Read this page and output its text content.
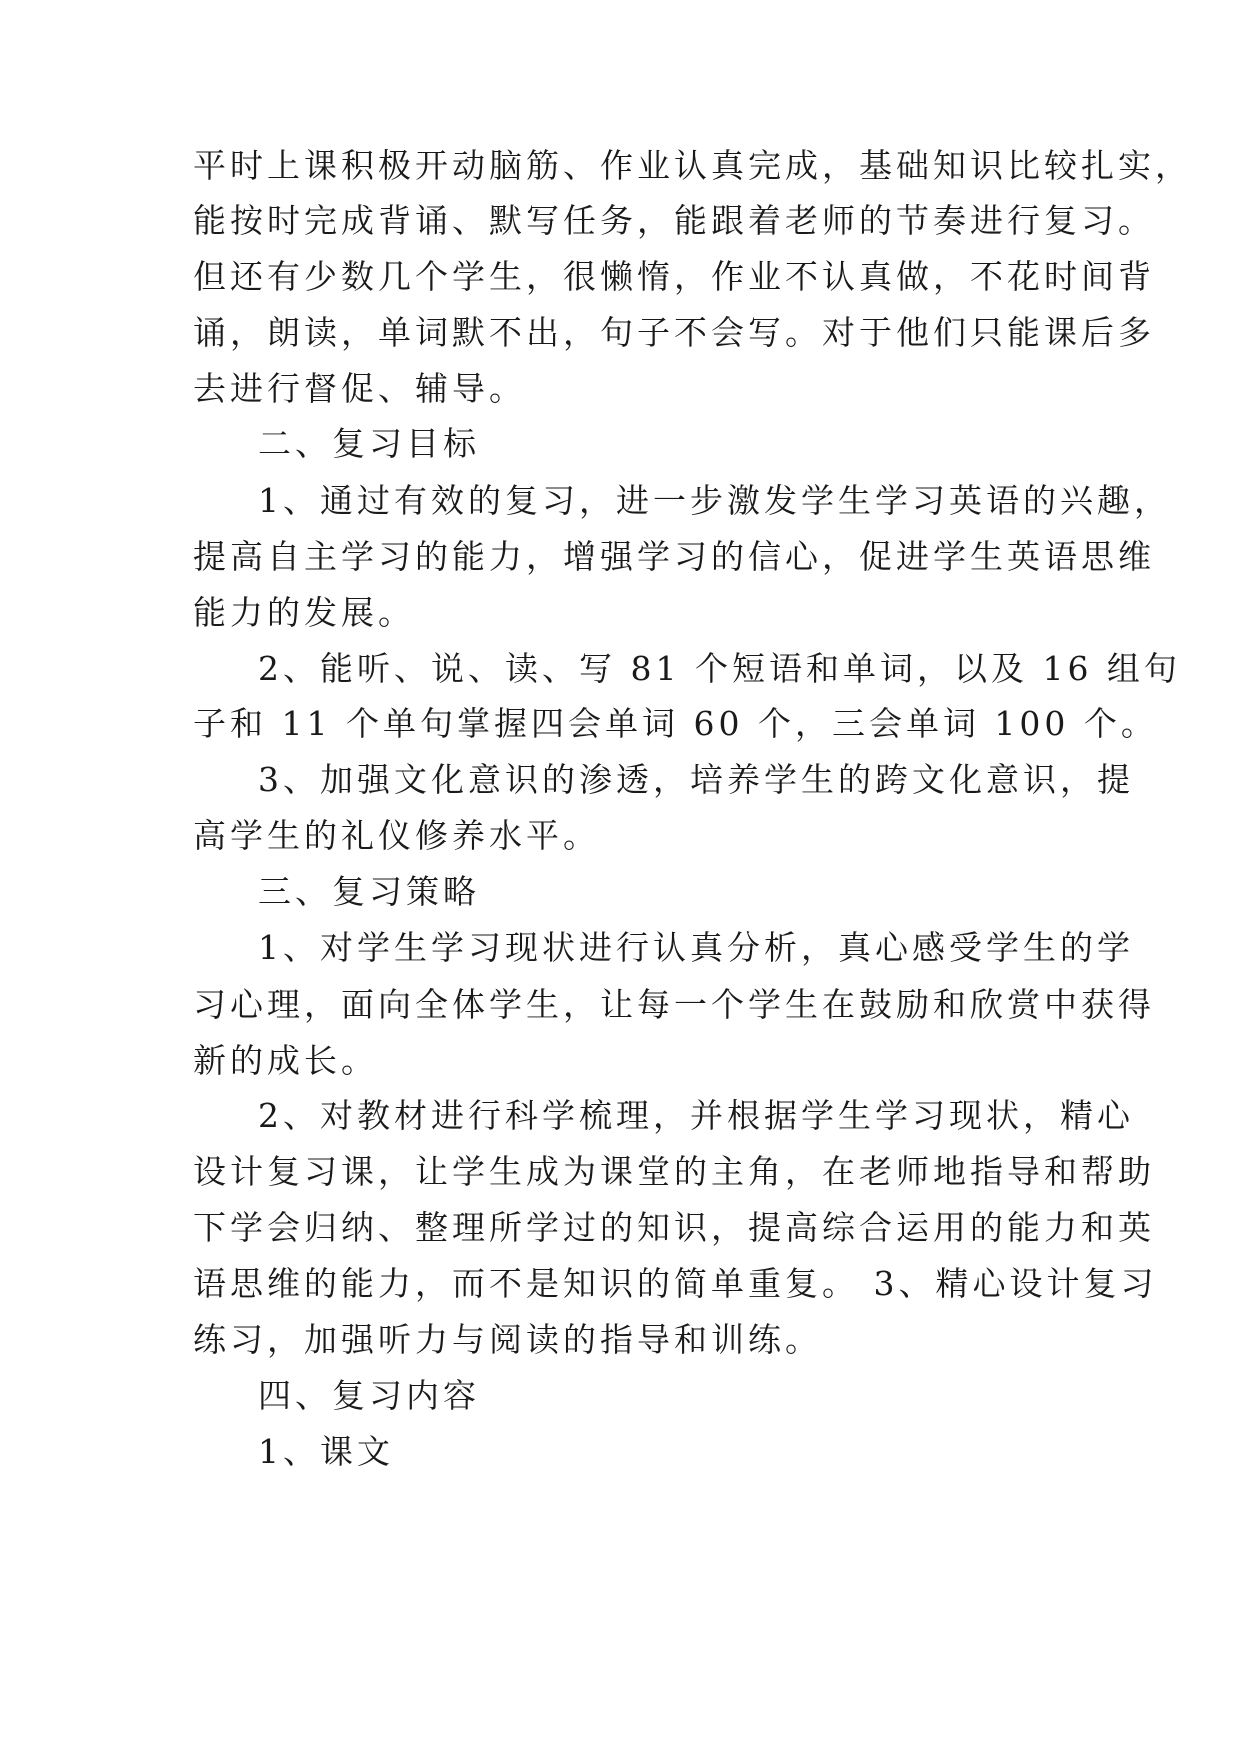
平时上课积极开动脑筋、作业认真完成，基础知识比较扎实，
能按时完成背诵、默写任务，能跟着老师的节奏进行复习。
但还有少数几个学生，很懒惰，作业不认真做，不花时间背
诵，朗读，单词默不出，句子不会写。对于他们只能课后多
去进行督促、辅导。
二、复习目标
1、通过有效的复习，进一步激发学生学习英语的兴趣，
提高自主学习的能力，增强学习的信心，促进学生英语思维
能力的发展。
2、能听、说、读、写 81 个短语和单词，以及 16 组句
子和 11 个单句掌握四会单词 60 个，三会单词 100 个。
3、加强文化意识的渗透，培养学生的跨文化意识，提
高学生的礼仪修养水平。
三、复习策略
1、对学生学习现状进行认真分析，真心感受学生的学
习心理，面向全体学生，让每一个学生在鼓励和欣赏中获得
新的成长。
2、对教材进行科学梳理，并根据学生学习现状，精心
设计复习课，让学生成为课堂的主角，在老师地指导和帮助
下学会归纳、整理所学过的知识，提高综合运用的能力和英
语思维的能力，而不是知识的简单重复。 3、精心设计复习
练习，加强听力与阅读的指导和训练。
四、复习内容
1、课文
